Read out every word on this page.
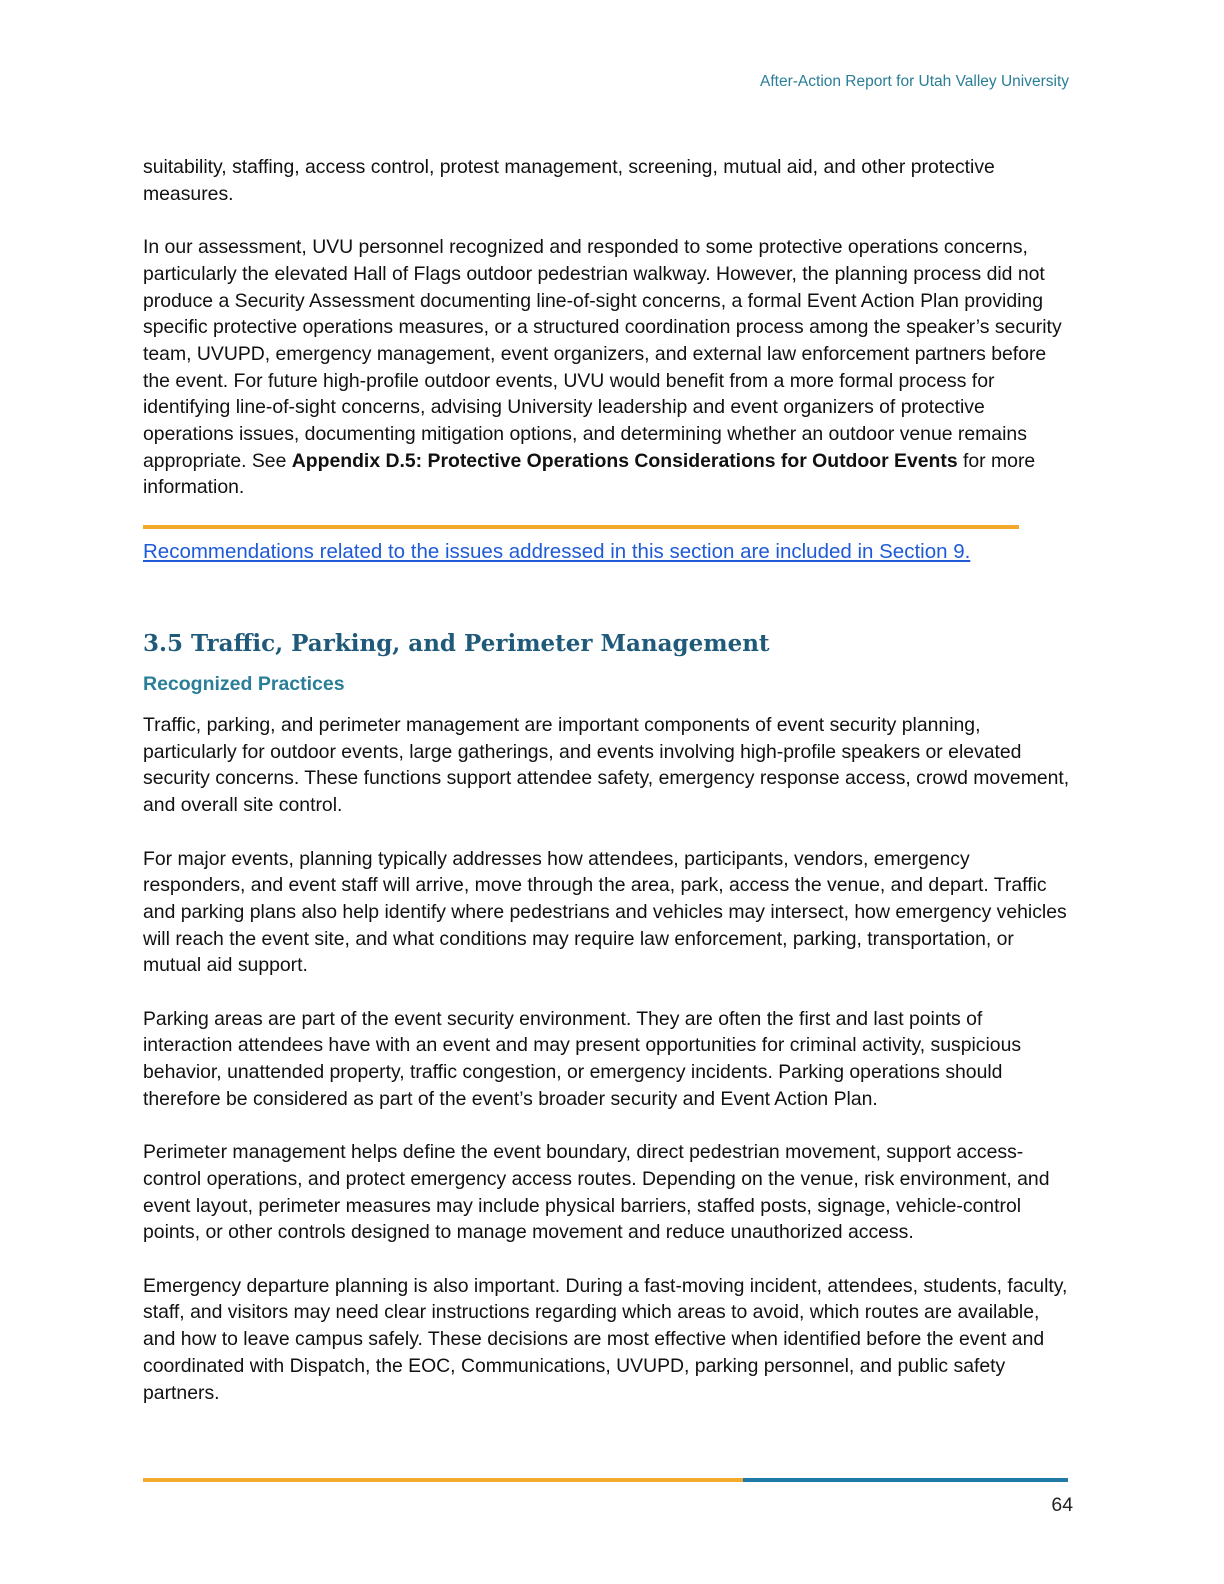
After-Action Report for Utah Valley University

suitability, staffing, access control, protest management, screening, mutual aid, and other protective measures.

In our assessment, UVU personnel recognized and responded to some protective operations concerns, particularly the elevated Hall of Flags outdoor pedestrian walkway. However, the planning process did not produce a Security Assessment documenting line-of-sight concerns, a formal Event Action Plan providing specific protective operations measures, or a structured coordination process among the speaker’s security team, UVUPD, emergency management, event organizers, and external law enforcement partners before the event. For future high-profile outdoor events, UVU would benefit from a more formal process for identifying line-of-sight concerns, advising University leadership and event organizers of protective operations issues, documenting mitigation options, and determining whether an outdoor venue remains appropriate. See Appendix D.5: Protective Operations Considerations for Outdoor Events for more information.

Recommendations related to the issues addressed in this section are included in Section 9.
3.5 Traffic, Parking, and Perimeter Management
Recognized Practices

Traffic, parking, and perimeter management are important components of event security planning, particularly for outdoor events, large gatherings, and events involving high-profile speakers or elevated security concerns. These functions support attendee safety, emergency response access, crowd movement, and overall site control.

For major events, planning typically addresses how attendees, participants, vendors, emergency responders, and event staff will arrive, move through the area, park, access the venue, and depart. Traffic and parking plans also help identify where pedestrians and vehicles may intersect, how emergency vehicles will reach the event site, and what conditions may require law enforcement, parking, transportation, or mutual aid support.

Parking areas are part of the event security environment. They are often the first and last points of interaction attendees have with an event and may present opportunities for criminal activity, suspicious behavior, unattended property, traffic congestion, or emergency incidents. Parking operations should therefore be considered as part of the event’s broader security and Event Action Plan.

Perimeter management helps define the event boundary, direct pedestrian movement, support access-control operations, and protect emergency access routes. Depending on the venue, risk environment, and event layout, perimeter measures may include physical barriers, staffed posts, signage, vehicle-control points, or other controls designed to manage movement and reduce unauthorized access.

Emergency departure planning is also important. During a fast-moving incident, attendees, students, faculty, staff, and visitors may need clear instructions regarding which areas to avoid, which routes are available, and how to leave campus safely. These decisions are most effective when identified before the event and coordinated with Dispatch, the EOC, Communications, UVUPD, parking personnel, and public safety partners.

64
